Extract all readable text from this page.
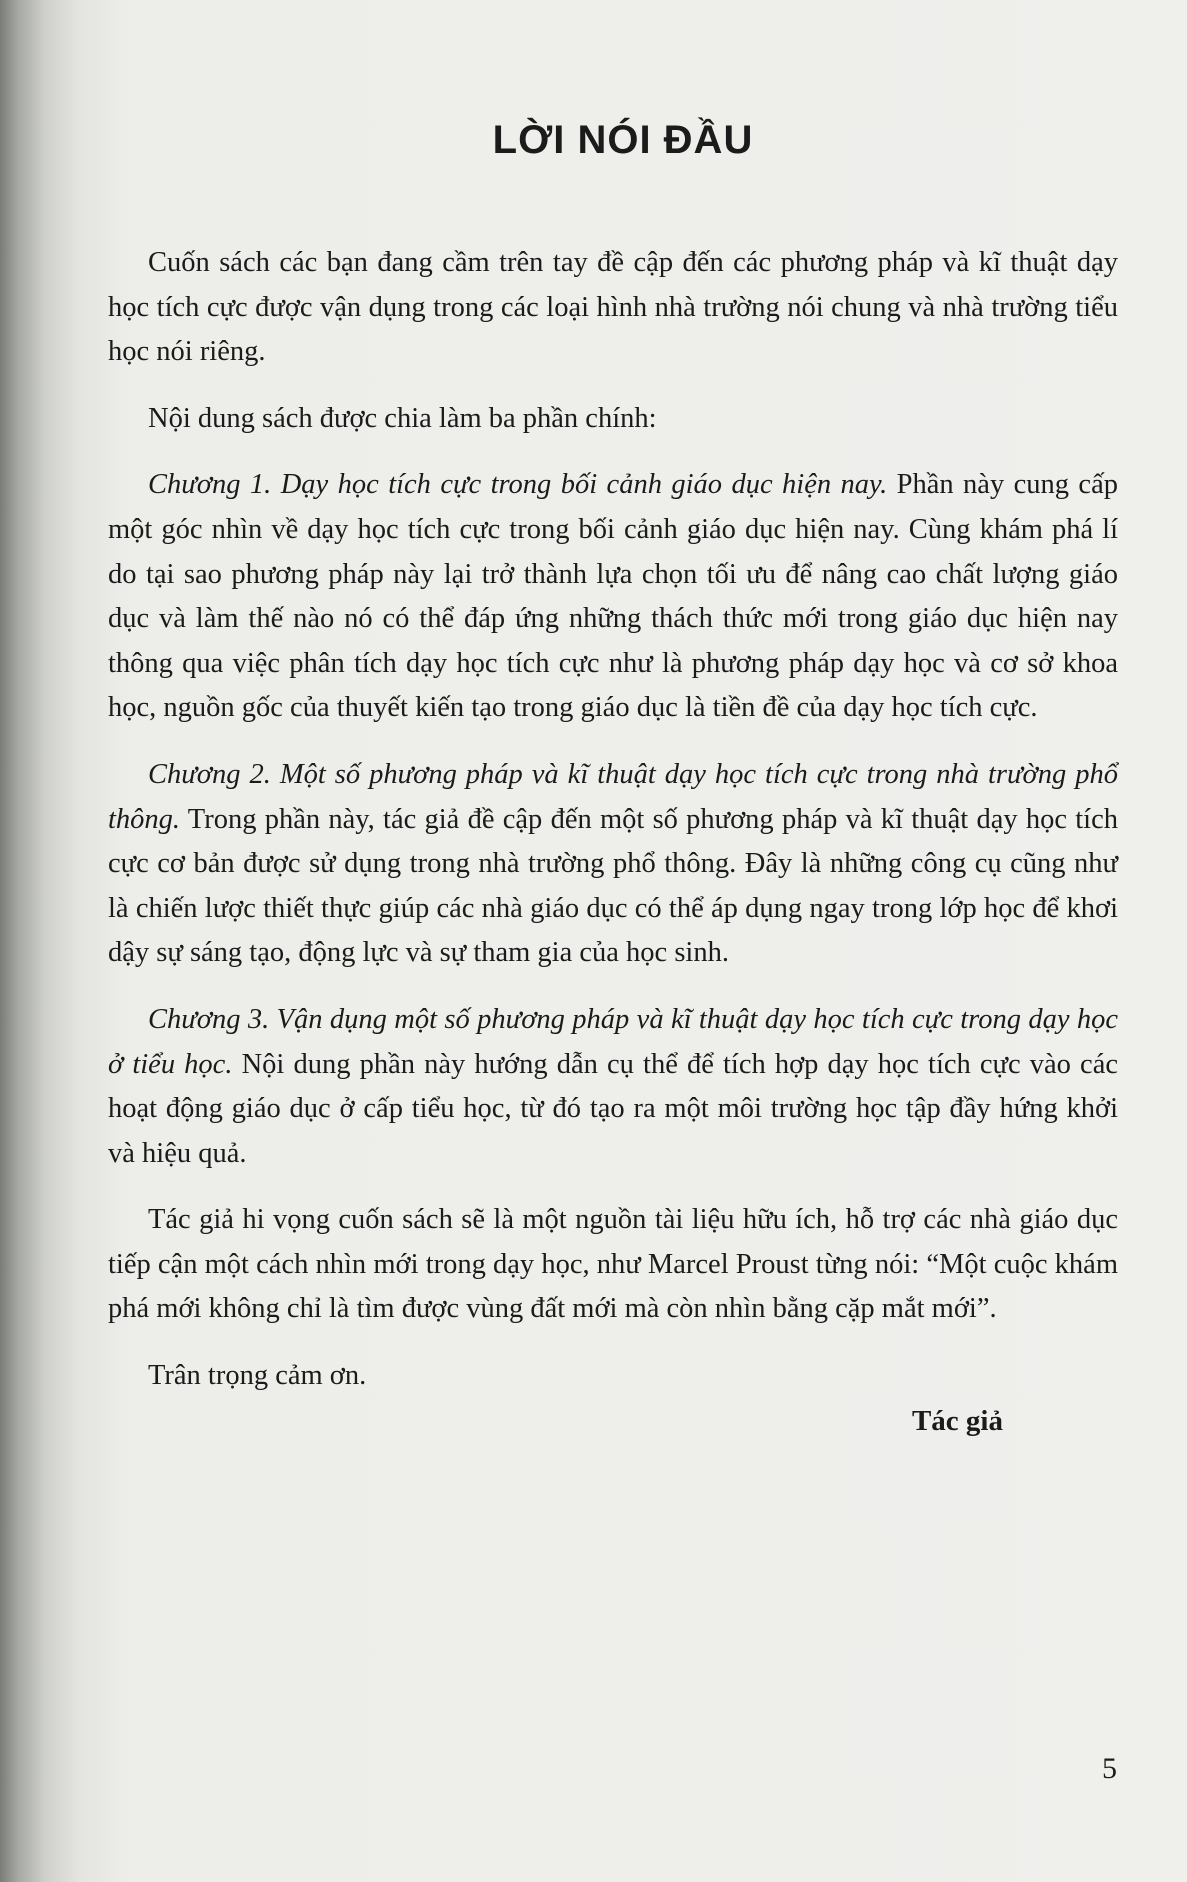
LỜI NÓI ĐẦU

Cuốn sách các bạn đang cầm trên tay đề cập đến các phương pháp và kĩ thuật dạy học tích cực được vận dụng trong các loại hình nhà trường nói chung và nhà trường tiểu học nói riêng.

Nội dung sách được chia làm ba phần chính:

Chương 1. Dạy học tích cực trong bối cảnh giáo dục hiện nay. Phần này cung cấp một góc nhìn về dạy học tích cực trong bối cảnh giáo dục hiện nay. Cùng khám phá lí do tại sao phương pháp này lại trở thành lựa chọn tối ưu để nâng cao chất lượng giáo dục và làm thế nào nó có thể đáp ứng những thách thức mới trong giáo dục hiện nay thông qua việc phân tích dạy học tích cực như là phương pháp dạy học và cơ sở khoa học, nguồn gốc của thuyết kiến tạo trong giáo dục là tiền đề của dạy học tích cực.

Chương 2. Một số phương pháp và kĩ thuật dạy học tích cực trong nhà trường phổ thông. Trong phần này, tác giả đề cập đến một số phương pháp và kĩ thuật dạy học tích cực cơ bản được sử dụng trong nhà trường phổ thông. Đây là những công cụ cũng như là chiến lược thiết thực giúp các nhà giáo dục có thể áp dụng ngay trong lớp học để khơi dậy sự sáng tạo, động lực và sự tham gia của học sinh.

Chương 3. Vận dụng một số phương pháp và kĩ thuật dạy học tích cực trong dạy học ở tiểu học. Nội dung phần này hướng dẫn cụ thể để tích hợp dạy học tích cực vào các hoạt động giáo dục ở cấp tiểu học, từ đó tạo ra một môi trường học tập đầy hứng khởi và hiệu quả.

Tác giả hi vọng cuốn sách sẽ là một nguồn tài liệu hữu ích, hỗ trợ các nhà giáo dục tiếp cận một cách nhìn mới trong dạy học, như Marcel Proust từng nói: “Một cuộc khám phá mới không chỉ là tìm được vùng đất mới mà còn nhìn bằng cặp mắt mới”.

Trân trọng cảm ơn.

Tác giả

5
